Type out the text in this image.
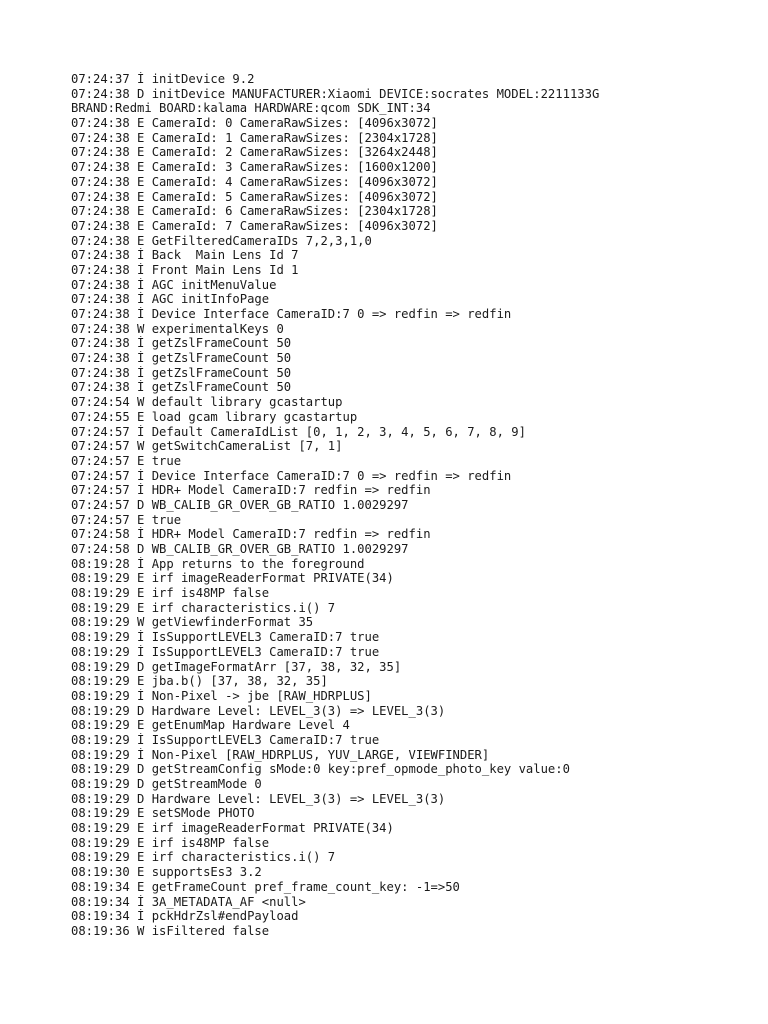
07:24:37 İ initDevice 9.2
07:24:38 D initDevice MANUFACTURER:Xiaomi DEVICE:socrates MODEL:2211133G
BRAND:Redmi BOARD:kalama HARDWARE:qcom SDK_INT:34
07:24:38 E CameraId: 0 CameraRawSizes: [4096x3072]
07:24:38 E CameraId: 1 CameraRawSizes: [2304x1728]
07:24:38 E CameraId: 2 CameraRawSizes: [3264x2448]
07:24:38 E CameraId: 3 CameraRawSizes: [1600x1200]
07:24:38 E CameraId: 4 CameraRawSizes: [4096x3072]
07:24:38 E CameraId: 5 CameraRawSizes: [4096x3072]
07:24:38 E CameraId: 6 CameraRawSizes: [2304x1728]
07:24:38 E CameraId: 7 CameraRawSizes: [4096x3072]
07:24:38 E GetFilteredCameraIDs 7,2,3,1,0
07:24:38 İ Back  Main Lens Id 7
07:24:38 İ Front Main Lens Id 1
07:24:38 İ AGC initMenuValue
07:24:38 İ AGC initInfoPage
07:24:38 İ Device Interface CameraID:7 0 => redfin => redfin
07:24:38 W experimentalKeys 0
07:24:38 İ getZslFrameCount 50
07:24:38 İ getZslFrameCount 50
07:24:38 İ getZslFrameCount 50
07:24:38 İ getZslFrameCount 50
07:24:54 W default library gcastartup
07:24:55 E load gcam library gcastartup
07:24:57 İ Default CameraIdList [0, 1, 2, 3, 4, 5, 6, 7, 8, 9]
07:24:57 W getSwitchCameraList [7, 1]
07:24:57 E true
07:24:57 İ Device Interface CameraID:7 0 => redfin => redfin
07:24:57 İ HDR+ Model CameraID:7 redfin => redfin
07:24:57 D WB_CALIB_GR_OVER_GB_RATIO 1.0029297
07:24:57 E true
07:24:58 İ HDR+ Model CameraID:7 redfin => redfin
07:24:58 D WB_CALIB_GR_OVER_GB_RATIO 1.0029297
08:19:28 İ App returns to the foreground
08:19:29 E irf imageReaderFormat PRIVATE(34)
08:19:29 E irf is48MP false
08:19:29 E irf characteristics.i() 7
08:19:29 W getViewfinderFormat 35
08:19:29 İ IsSupportLEVEL3 CameraID:7 true
08:19:29 İ IsSupportLEVEL3 CameraID:7 true
08:19:29 D getImageFormatArr [37, 38, 32, 35]
08:19:29 E jba.b() [37, 38, 32, 35]
08:19:29 İ Non-Pixel -> jbe [RAW_HDRPLUS]
08:19:29 D Hardware Level: LEVEL_3(3) => LEVEL_3(3)
08:19:29 E getEnumMap Hardware Level 4
08:19:29 İ IsSupportLEVEL3 CameraID:7 true
08:19:29 İ Non-Pixel [RAW_HDRPLUS, YUV_LARGE, VIEWFINDER]
08:19:29 D getStreamConfig sMode:0 key:pref_opmode_photo_key value:0
08:19:29 D getStreamMode 0
08:19:29 D Hardware Level: LEVEL_3(3) => LEVEL_3(3)
08:19:29 E setSMode PHOTO
08:19:29 E irf imageReaderFormat PRIVATE(34)
08:19:29 E irf is48MP false
08:19:29 E irf characteristics.i() 7
08:19:30 E supportsEs3 3.2
08:19:34 E getFrameCount pref_frame_count_key: -1=>50
08:19:34 İ 3A_METADATA_AF <null>
08:19:34 İ pckHdrZsl#endPayload
08:19:36 W isFiltered false
